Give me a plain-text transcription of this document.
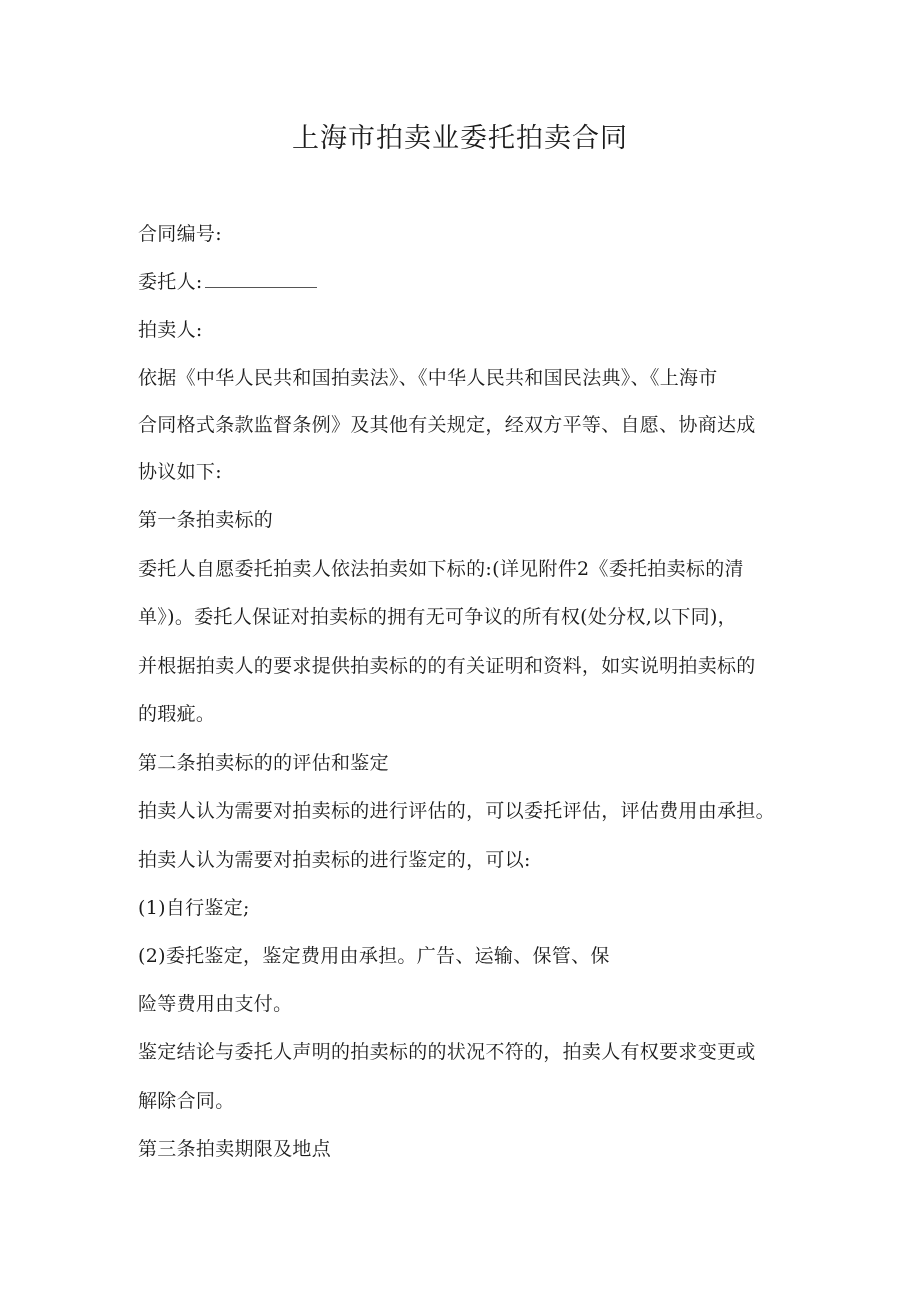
上海市拍卖业委托拍卖合同
合同编号:
委托人:
拍卖人:
依据《中华人民共和国拍卖法》、《中华人民共和国民法典》、《上海市
合同格式条款监督条例》及其他有关规定，经双方平等、自愿、协商达成
协议如下:
第一条拍卖标的
委托人自愿委托拍卖人依法拍卖如下标的:(详见附件2《委托拍卖标的清
单》)。委托人保证对拍卖标的拥有无可争议的所有权(处分权,以下同)，
并根据拍卖人的要求提供拍卖标的的有关证明和资料，如实说明拍卖标的
的瑕疵。
第二条拍卖标的的评估和鉴定
拍卖人认为需要对拍卖标的进行评估的，可以委托评估，评估费用由承担。
拍卖人认为需要对拍卖标的进行鉴定的，可以:
(1)自行鉴定;
(2)委托鉴定，鉴定费用由承担。广告、运输、保管、保
险等费用由支付。
鉴定结论与委托人声明的拍卖标的的状况不符的，拍卖人有权要求变更或
解除合同。
第三条拍卖期限及地点
